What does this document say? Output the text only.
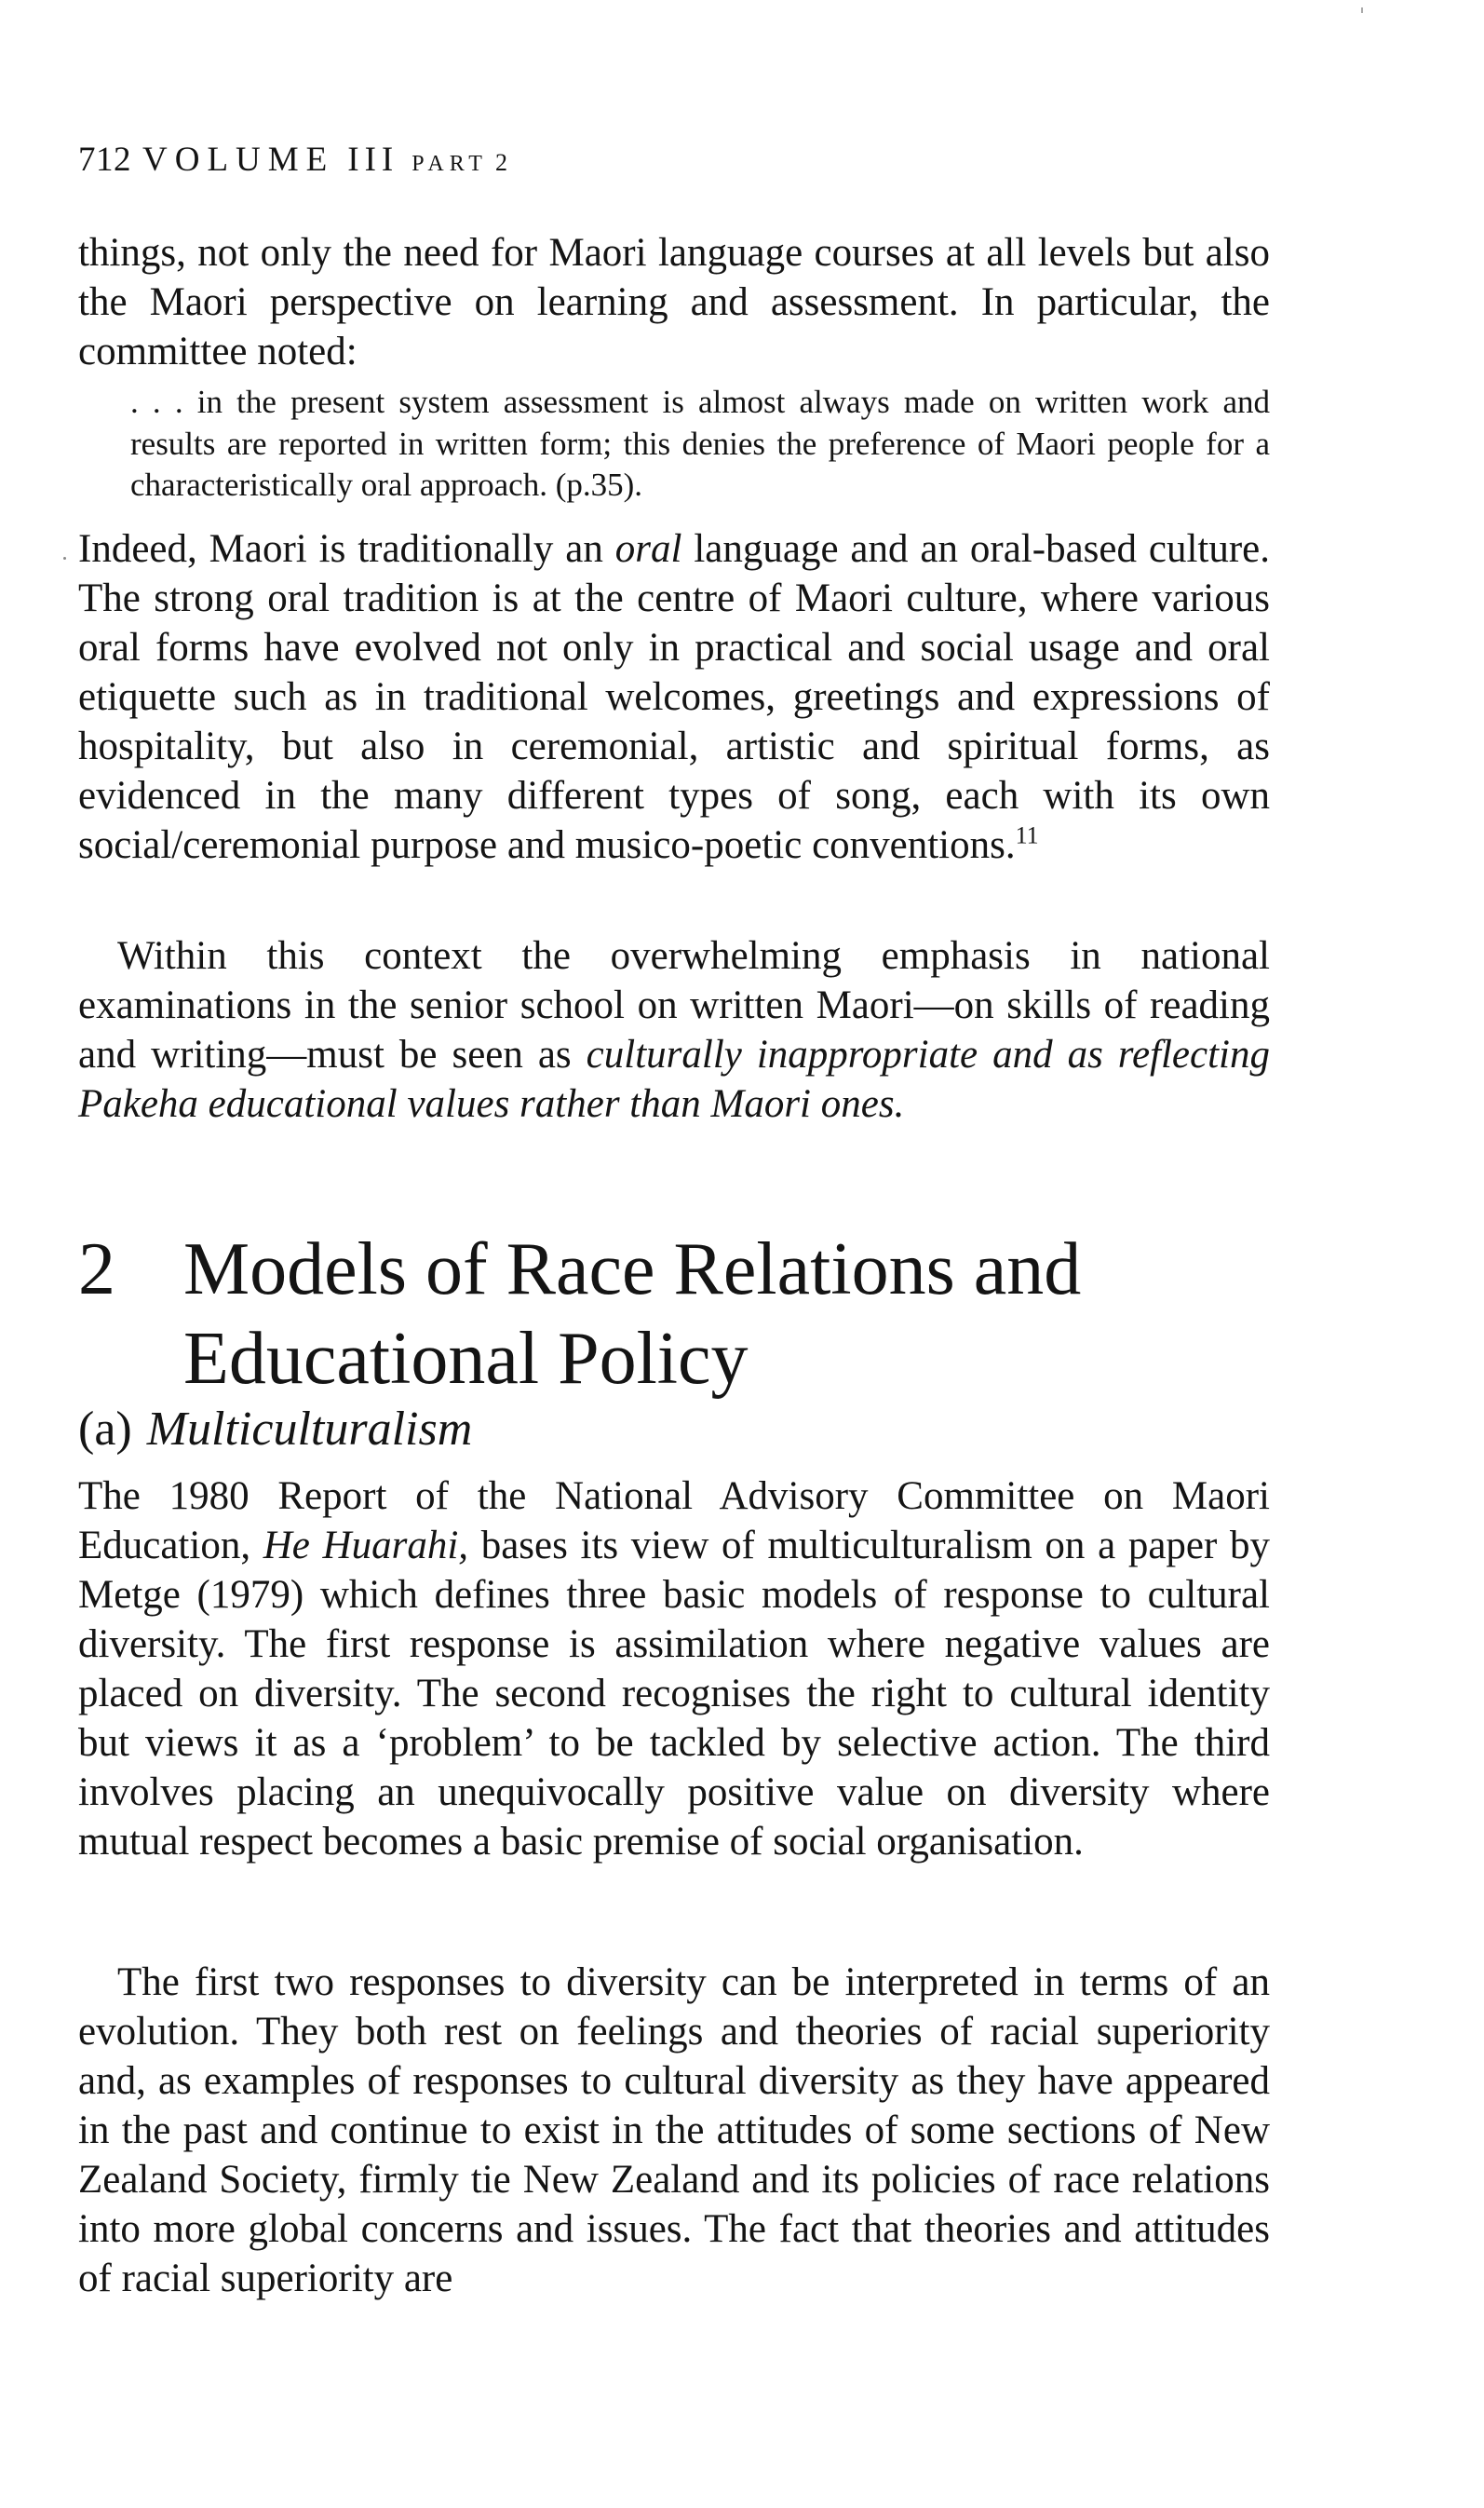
712 VOLUME III PART 2

things, not only the need for Maori language courses at all levels but also the Maori perspective on learning and assessment. In particular, the committee noted:

. . . in the present system assessment is almost always made on written work and results are reported in written form; this denies the preference of Maori people for a characteristically oral approach. (p.35).

Indeed, Maori is traditionally an oral language and an oral-based culture. The strong oral tradition is at the centre of Maori culture, where various oral forms have evolved not only in practical and social usage and oral etiquette such as in traditional welcomes, greetings and expressions of hospitality, but also in ceremonial, artistic and spiritual forms, as evidenced in the many different types of song, each with its own social/ceremonial purpose and musico-poetic conventions.$^{11}$

Within this context the overwhelming emphasis in national examinations in the senior school on written Maori—on skills of reading and writing—must be seen as culturally inappropriate and as reflecting Pakeha educational values rather than Maori ones.

2 Models of Race Relations and
Educational Policy
(a) Multiculturalism

The 1980 Report of the National Advisory Committee on Maori Education, He Huarahi, bases its view of multiculturalism on a paper by Metge (1979) which defines three basic models of response to cultural diversity. The first response is assimilation where negative values are placed on diversity. The second recognises the right to cultural identity but views it as a ‘problem’ to be tackled by selective action. The third involves placing an unequivocally positive value on diversity where mutual respect becomes a basic premise of social organisation.

The first two responses to diversity can be interpreted in terms of an evolution. They both rest on feelings and theories of racial superiority and, as examples of responses to cultural diversity as they have appeared in the past and continue to exist in the attitudes of some sections of New Zealand Society, firmly tie New Zealand and its policies of race relations into more global concerns and issues. The fact that theories and attitudes of racial superiority are
